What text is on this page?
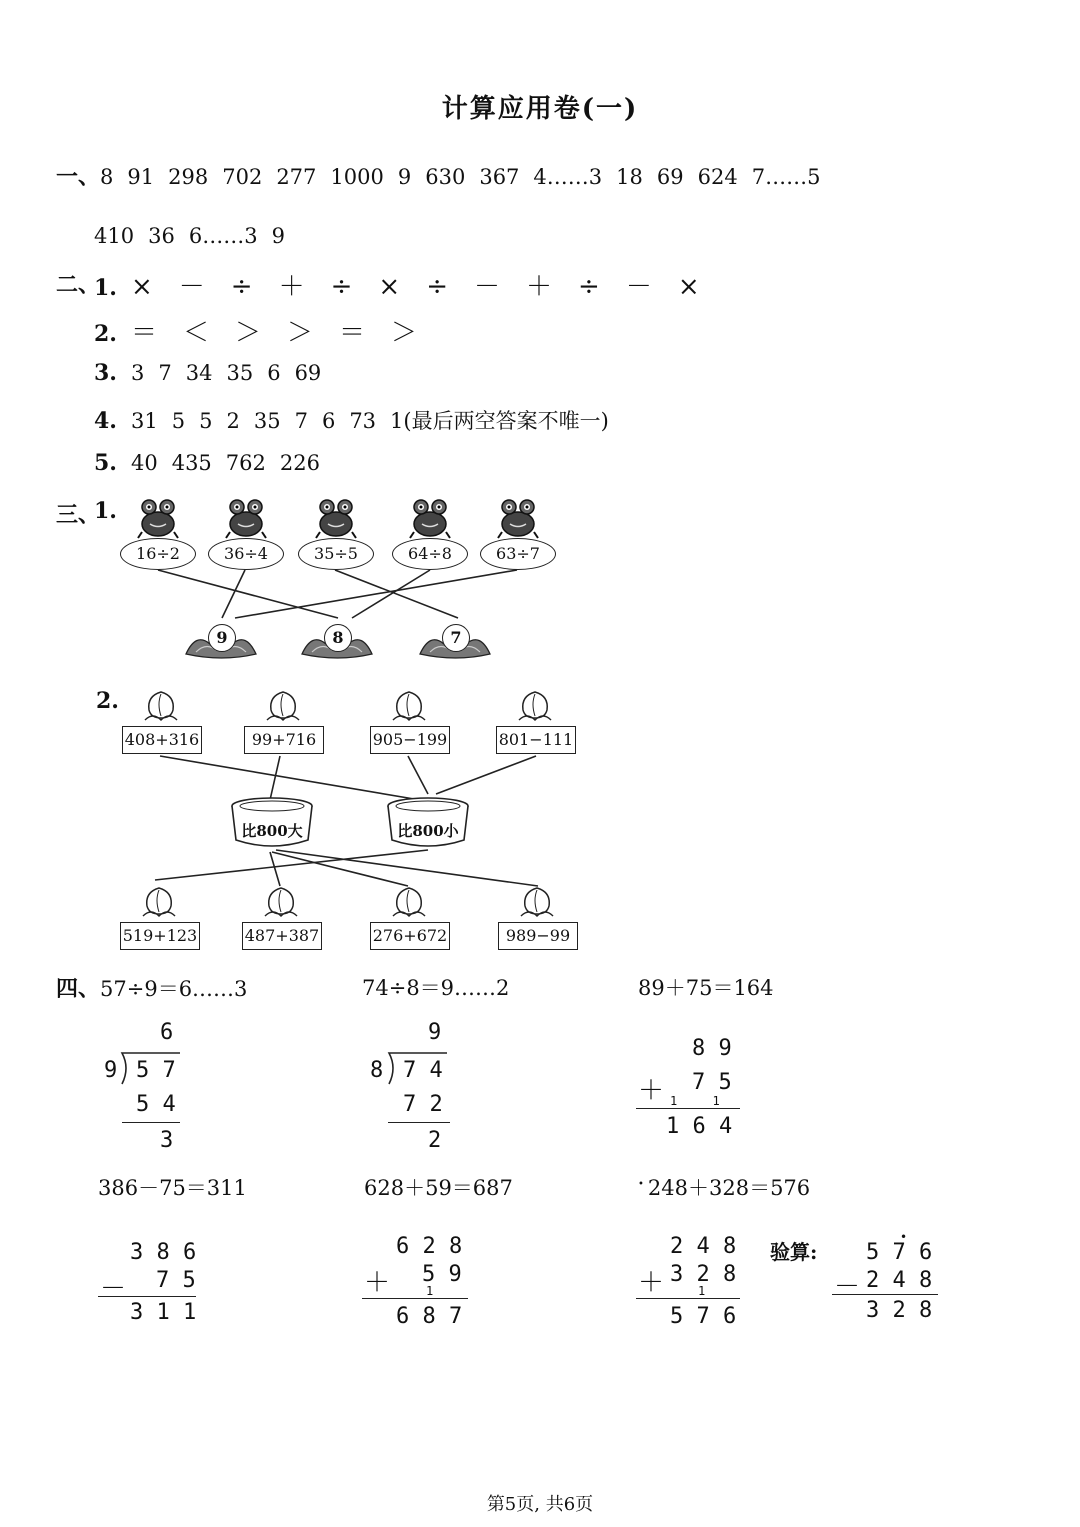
计算应用卷(一)
一、8 91 298 702 277 1000 9 630 367 4……3 18 69 624 7……5
410 36 6……3 9
二、
1. × － ÷ ＋ ÷ × ÷ － ＋ ÷ － ×
2. ＝ ＜ ＞ ＞ ＝ ＞
3. 3 7 34 35 6 69
4. 31 5 5 2 35 7 6 73 1(最后两空答案不唯一)
5. 40 435 762 226
三、
1.
16÷2	36÷4	35÷5	64÷8	63÷7
9	8	7
2.
408+316	99+716	905−199	801−111
比800大	比800小
519+123	487+387	276+672	989−99
四、57÷9＝6……3	74÷8＝9……2	89＋75＝164
6
9 5 7
5 4
3
9
8 7 4
7 2
2
8 9
＋ 7 5
1 1
1 6 4
386－75＝311	628＋59＝687	• 248＋328＝576
3 8 6
－ 7 5
3 1 1
6 2 8
＋ 5 9
1
6 8 7
2 4 8
＋ 3 2 8
1
5 7 6
验算: 5 7 6
•
－ 2 4 8
3 2 8
第5页, 共6页
